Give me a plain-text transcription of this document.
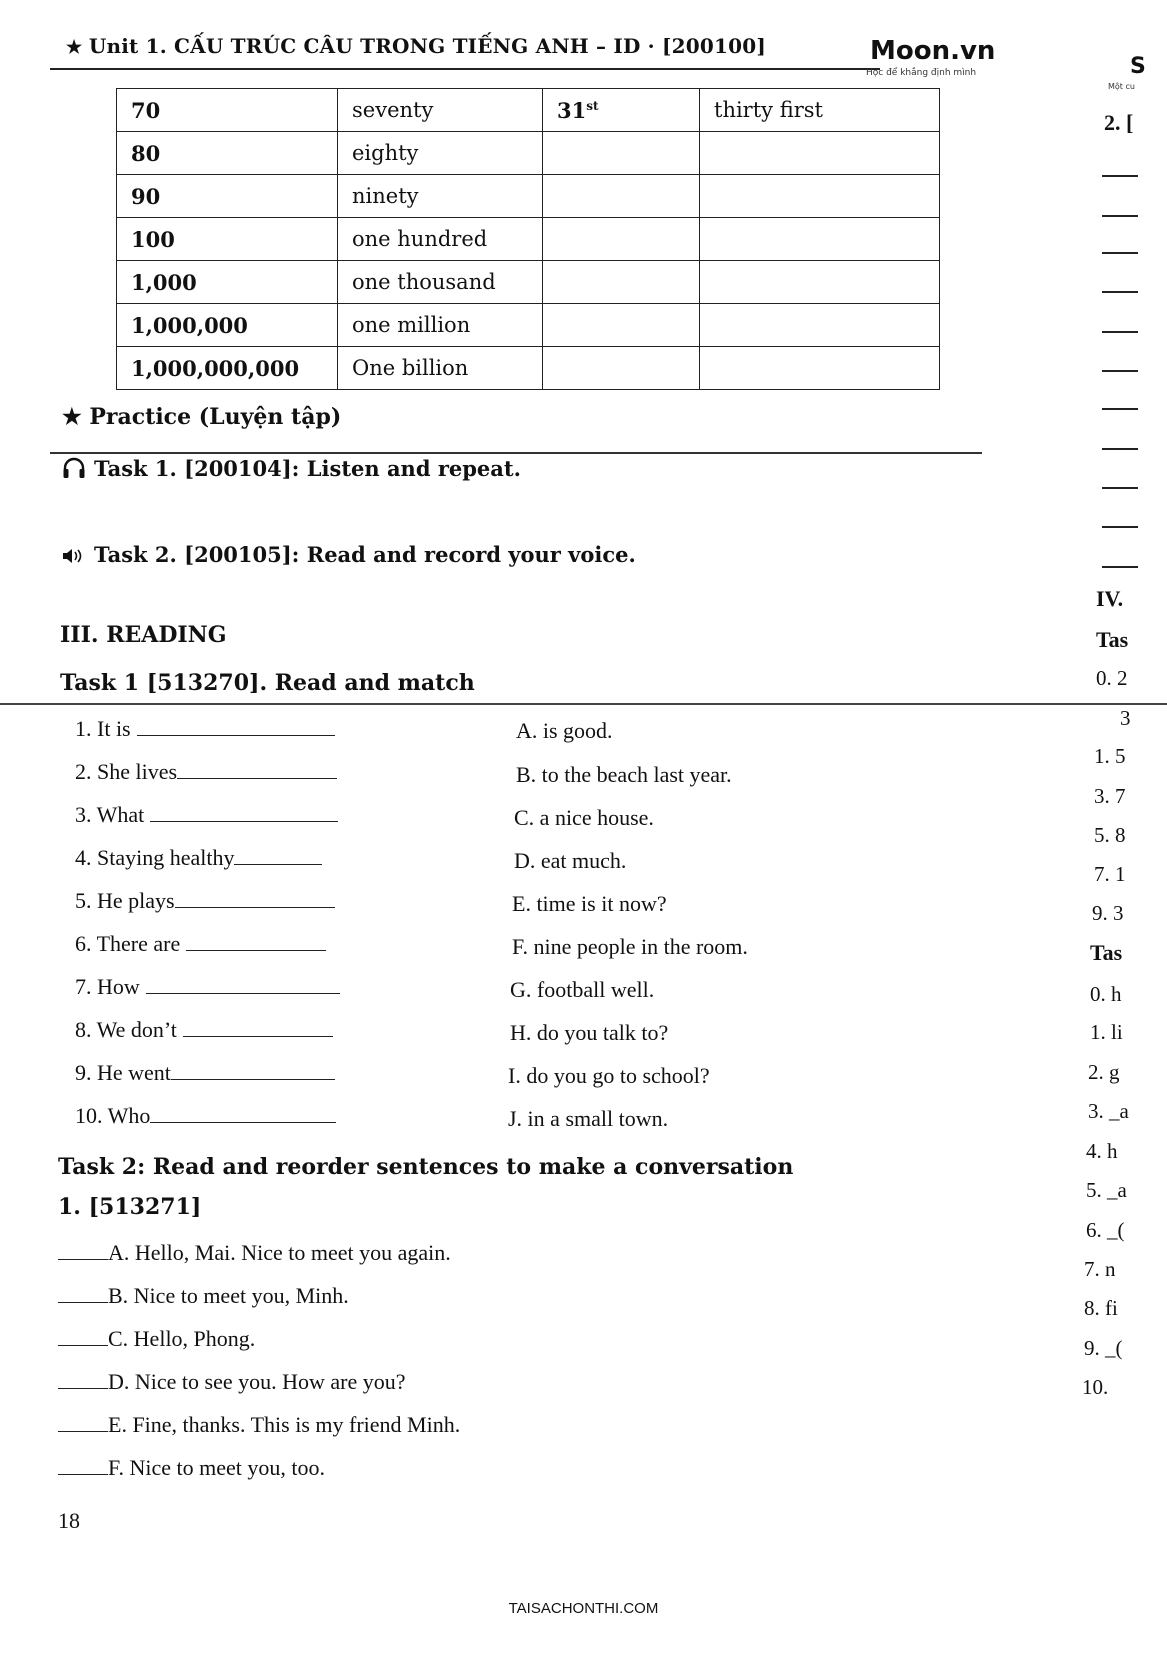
★ Unit 1. CẤU TRÚC CÂU TRONG TIẾNG ANH – ID · [200100]	Moon.vn
Học để khẳng định mình	S
Một cu
70	seventy	31st	thirty first
80	eighty		
90	ninety		
100	one hundred		
1,000	one thousand		
1,000,000	one million		
1,000,000,000	One billion		
★ Practice (Luyện tập)
Task 1. [200104]: Listen and repeat.
Task 2. [200105]: Read and record your voice.
III. READING
Task 1 [513270]. Read and match
1. It is
2. She lives
3. What
4. Staying healthy
5. He plays
6. There are
7. How
8. We don’t
9. He went
10. Who
A. is good.
B. to the beach last year.
C. a nice house.
D. eat much.
E. time is it now?
F. nine people in the room.
G. football well.
H. do you talk to?
I. do you go to school?
J. in a small town.
Task 2: Read and reorder sentences to make a conversation
1. [513271]
A. Hello, Mai. Nice to meet you again.
B. Nice to meet you, Minh.
C. Hello, Phong.
D. Nice to see you. How are you?
E. Fine, thanks. This is my friend Minh.
F. Nice to meet you, too.
18
TAISACHONTHI.COM
2. [
IV.
Tas
0. 2
3
1. 5
3. 7
5. 8
7. 1
9. 3
Tas
0. h
1. li
2. g
3. _a
4. h
5. _a
6. _(
7. n
8. fi
9. _(
10.
